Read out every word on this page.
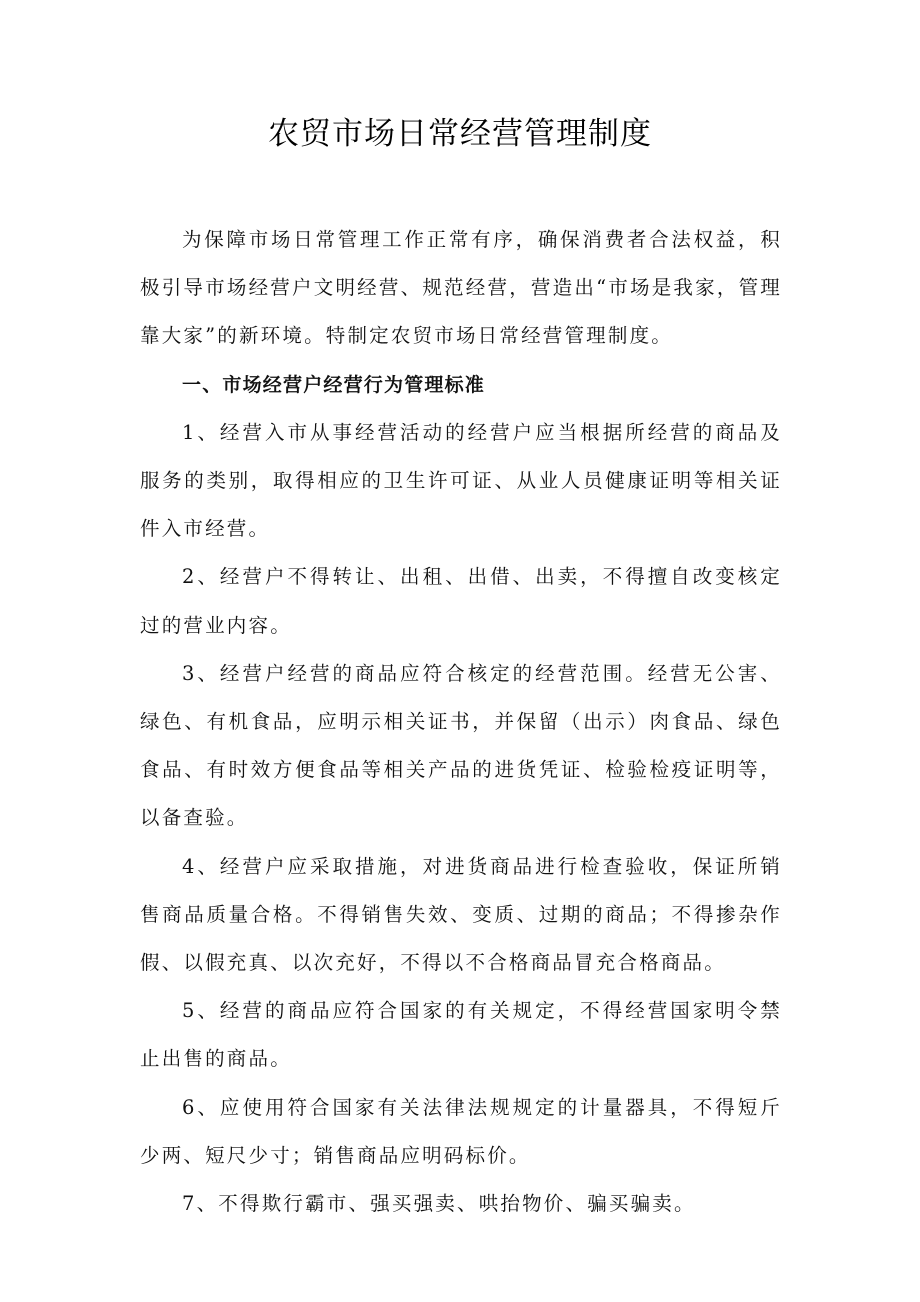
农贸市场日常经营管理制度

为保障市场日常管理工作正常有序，确保消费者合法权益，积极引导市场经营户文明经营、规范经营，营造出“市场是我家，管理靠大家”的新环境。特制定农贸市场日常经营管理制度。

一、市场经营户经营行为管理标准

1、经营入市从事经营活动的经营户应当根据所经营的商品及服务的类别，取得相应的卫生许可证、从业人员健康证明等相关证件入市经营。

2、经营户不得转让、出租、出借、出卖，不得擅自改变核定过的营业内容。

3、经营户经营的商品应符合核定的经营范围。经营无公害、绿色、有机食品，应明示相关证书，并保留（出示）肉食品、绿色食品、有时效方便食品等相关产品的进货凭证、检验检疫证明等，以备查验。

4、经营户应采取措施，对进货商品进行检查验收，保证所销售商品质量合格。不得销售失效、变质、过期的商品；不得掺杂作假、以假充真、以次充好，不得以不合格商品冒充合格商品。

5、经营的商品应符合国家的有关规定，不得经营国家明令禁止出售的商品。

6、应使用符合国家有关法律法规规定的计量器具，不得短斤少两、短尺少寸；销售商品应明码标价。

7、不得欺行霸市、强买强卖、哄抬物价、骗买骗卖。
